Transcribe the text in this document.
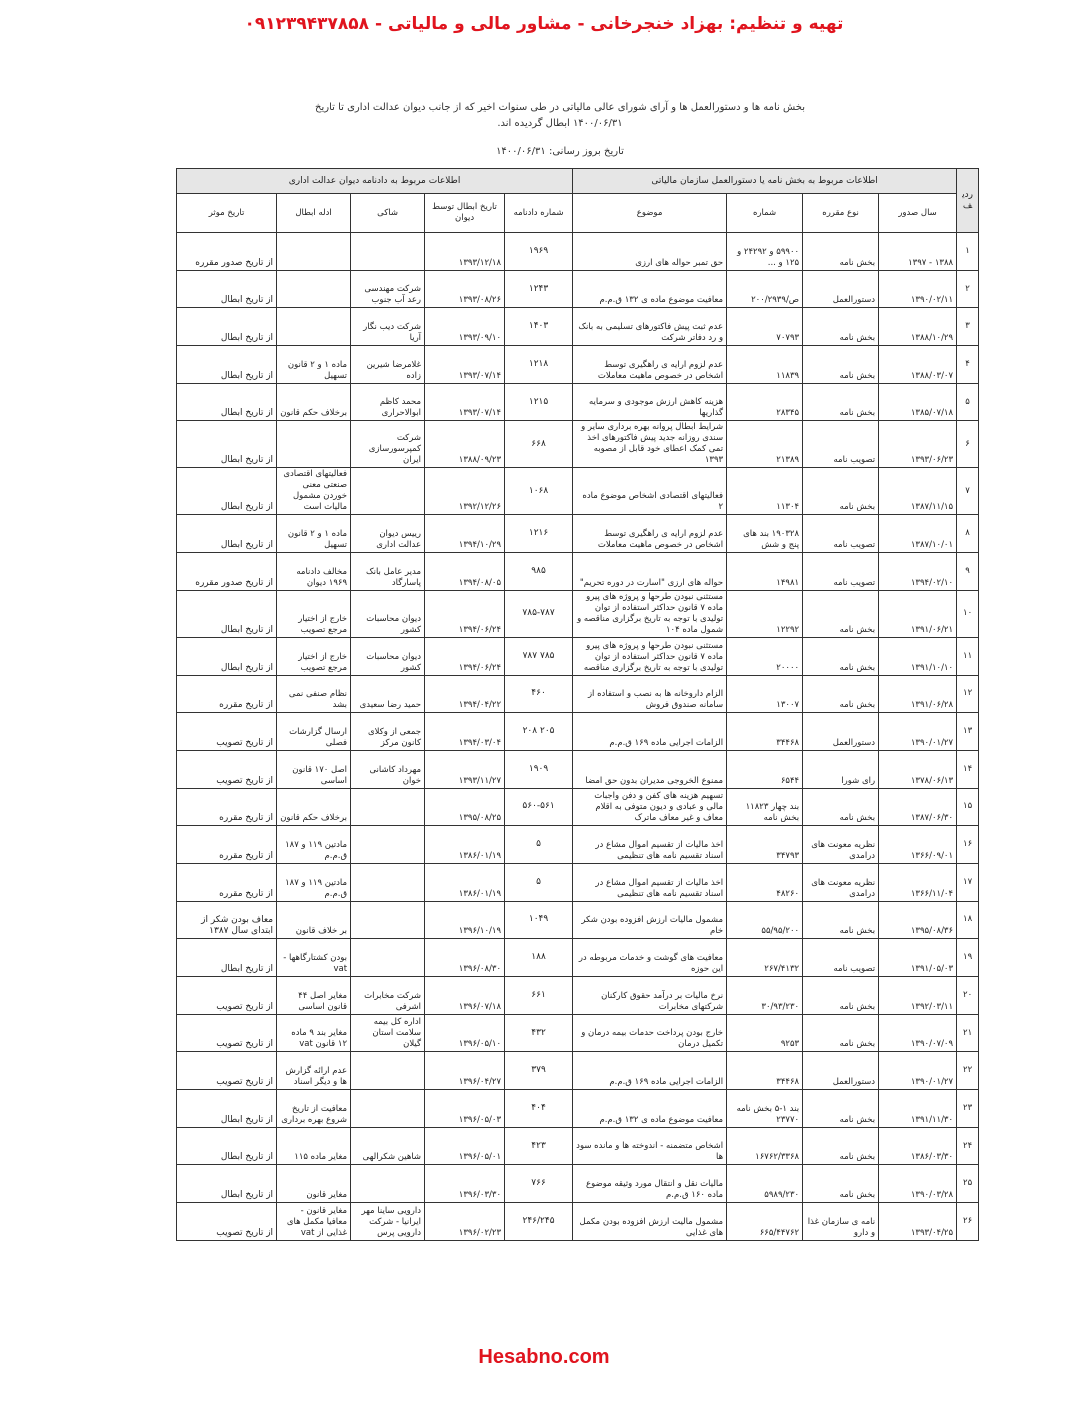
تهیه و تنظیم: بهزاد خنجرخانی - مشاور مالی و مالیاتی - ۰۹۱۲۳۹۴۳۷۸۵۸
بخش نامه ها و دستورالعمل ها و آرای شورای عالی مالیاتی در طی سنوات اخیر که از جانب دیوان عدالت اداری تا تاریخ ۱۴۰۰/۰۶/۳۱ ابطال گردیده اند.
تاریخ بروز رسانی: ۱۴۰۰/۰۶/۳۱
ردیف	اطلاعات مربوط به بخش نامه یا دستورالعمل سازمان مالیاتی				اطلاعات مربوط به دادنامه دیوان عدالت اداری				
	سال صدور	نوع مقرره	شماره	موضوع	شماره دادنامه	تاریخ ابطال توسط دیوان	شاکی	ادله ابطال	تاریخ موثر
۱	۱۳۸۸ - ۱۳۹۷	بخش نامه	۵۹۹۰۰ و ۲۴۲۹۲ و ۱۲۵ و ...	حق تمبر حواله های ارزی	۱۹۶۹	۱۳۹۳/۱۲/۱۸			از تاریخ صدور مقرره
۲	۱۳۹۰/۰۲/۱۱	دستورالعمل	ص/۲۰۰/۲۹۳۹	معافیت موضوع ماده ی ۱۳۲ ق.م.م	۱۲۴۳	۱۳۹۳/۰۸/۲۶	شرکت مهندسی رعد آب جنوب		از تاریخ ابطال
۳	۱۳۸۸/۱۰/۲۹	بخش نامه	۷۰۷۹۳	عدم ثبت پیش فاکتورهای تسلیمی به بانک و رد دفاتر شرکت	۱۴۰۳	۱۳۹۳/۰۹/۱۰	شرکت دیب نگار آریا		از تاریخ ابطال
۴	۱۳۸۸/۰۳/۰۷	بخش نامه	۱۱۸۳۹	عدم لزوم ارایه ی راهگیری توسط اشخاص در خصوص ماهیت معاملات	۱۲۱۸	۱۳۹۳/۰۷/۱۴	غلامرضا شیرین زاده	ماده ۱ و ۲ قانون تسهیل	از تاریخ ابطال
۵	۱۳۸۵/۰۷/۱۸	بخش نامه	۲۸۳۴۵	هزینه کاهش ارزش موجودی و سرمایه گذاریها	۱۲۱۵	۱۳۹۳/۰۷/۱۴	محمد کاظم ابوالاحراری	برخلاف حکم قانون	از تاریخ ابطال
۶	۱۳۹۳/۰۶/۲۳	تصویب نامه	۲۱۳۸۹	شرایط ابطال پروانه بهره برداری سایر و سندی روزانه جدید پیش فاکتورهای اخذ تمی کمک اعطای خود قابل از مصوبه ۱۳۹۳	۶۶۸	۱۳۸۸/۰۹/۲۳	شرکت کمپرسورسازی ایران		از تاریخ ابطال
۷	۱۳۸۷/۱۱/۱۵	بخش نامه	۱۱۳۰۴	فعالیتهای اقتصادی اشخاص موضوع ماده ۲	۱۰۶۸	۱۳۹۲/۱۲/۲۶		فعالیتهای اقتصادی صنعتی معنی خوردن مشمول مالیات است	از تاریخ ابطال
۸	۱۳۸۷/۱۰/۰۱	تصویب نامه	۱۹۰۳۲۸ بند های پنج و شش	عدم لزوم ارایه ی راهگیری توسط اشخاص در خصوص ماهیت معاملات	۱۲۱۶	۱۳۹۴/۱۰/۲۹	رییس دیوان عدالت اداری	ماده ۱ و ۲ قانون تسهیل	از تاریخ ابطال
۹	۱۳۹۴/۰۲/۱۰	تصویب نامه	۱۴۹۸۱	حواله های ارزی "اسارت در دوره تحریم"	۹۸۵	۱۳۹۴/۰۸/۰۵	مدیر عامل بانک پاسارگاد	مخالف دادنامه ۱۹۶۹ دیوان	از تاریخ صدور مقرره
۱۰	۱۳۹۱/۰۶/۲۱	بخش نامه	۱۲۲۹۲	مستثنی نبودن طرحها و پروژه های پیرو ماده ۷ قانون حداکثر استفاده از توان تولیدی با توجه به تاریخ برگزاری مناقصه و شمول ماده ۱۰۴	۷۸۵-۷۸۷	۱۳۹۴/۰۶/۲۴	دیوان محاسبات کشور	خارج از اختیار مرجع تصویب	از تاریخ ابطال
۱۱	۱۳۹۱/۱۰/۱۰	بخش نامه	۲۰۰۰۰	مستثنی نبودن طرحها و پروژه های پیرو ماده ۷ قانون حداکثر استفاده از توان تولیدی با توجه به تاریخ برگزاری مناقصه	۷۸۵ ۷۸۷	۱۳۹۴/۰۶/۲۴	دیوان محاسبات کشور	خارج از اختیار مرجع تصویب	از تاریخ ابطال
۱۲	۱۳۹۱/۰۶/۲۸	بخش نامه	۱۳۰۰۷	الزام داروخانه ها به نصب و استفاده از سامانه صندوق فروش	۴۶۰	۱۳۹۴/۰۴/۲۲	حمید رضا سعیدی	نظام صنفی نمی بشد	از تاریخ مقرره
۱۳	۱۳۹۰/۰۱/۲۷	دستورالعمل	۳۴۴۶۸	الزامات اجرایی ماده ۱۶۹ ق.م.م	۲۰۵ ۲۰۸	۱۳۹۴/۰۳/۰۴	جمعی از وکلای کانون مرکز	ارسال گزارشات فصلی	از تاریخ تصویب
۱۴	۱۳۷۸/۰۶/۱۳	رای شورا	۶۵۴۴	ممنوع الخروجی مدیران بدون حق امضا	۱۹۰۹	۱۳۹۳/۱۱/۲۷	مهرداد کاشانی خوان	اصل ۱۷۰ قانون اساسی	از تاریخ تصویب
۱۵	۱۳۸۷/۰۶/۳۰	بخش نامه	بند چهار ۱۱۸۲۳ بخش نامه	تسهیم هزینه های کفن و دفن واجبات مالی و عبادی و دیون متوفی به اقلام معاف و غیر معاف ماترک	۵۶۰-۵۶۱	۱۳۹۵/۰۸/۲۵		برخلاف حکم قانون	از تاریخ مقرره
۱۶	۱۳۶۶/۰۹/۰۱	نظریه معونت های درامدی	۳۴۷۹۳	اخذ مالیات از تقسیم اموال مشاع در اسناد تقسیم نامه های تنظیمی	۵	۱۳۸۶/۰۱/۱۹		مادتین ۱۱۹ و ۱۸۷ ق.م.م	از تاریخ مقرره
۱۷	۱۳۶۶/۱۱/۰۴	نظریه معونت های درامدی	۴۸۲۶۰	اخذ مالیات از تقسیم اموال مشاع در اسناد تقسیم نامه های تنظیمی	۵	۱۳۸۶/۰۱/۱۹		مادتین ۱۱۹ و ۱۸۷ ق.م.م	از تاریخ مقرره
۱۸	۱۳۹۵/۰۸/۳۶	بخش نامه	۵۵/۹۵/۲۰۰	مشمول مالیات ارزش افزوده بودن شکر خام	۱۰۴۹	۱۳۹۶/۱۰/۱۹		بر خلاف قانون	معاف بودن شکر از ابتدای سال ۱۳۸۷
۱۹	۱۳۹۱/۰۵/۰۳	تصویب نامه	۲۶۷/۴۱۳۲	معافیت های گوشت و خدمات مربوطه در این حوزه	۱۸۸	۱۳۹۶/۰۸/۳۰		بودن کشتارگاهها - vat	از تاریخ ابطال
۲۰	۱۳۹۲/۰۳/۱۱	بخش نامه	۳۰/۹۳/۲۳۰	نرخ مالیات بر درآمد حقوق کارکنان شرکتهای مخابرات	۶۶۱	۱۳۹۶/۰۷/۱۸	شرکت مخابرات اشرفی	مغایر اصل ۴۴ قانون اساسی	از تاریخ تصویب
۲۱	۱۳۹۰/۰۷/۰۹	بخش نامه	۹۲۵۳	خارج بودن پرداخت حدمات بیمه درمان و تکمیل درمان	۴۳۲	۱۳۹۶/۰۵/۱۰	اداره کل بیمه سلامت استان گیلان	مغایر بند ۹ ماده ۱۲ قانون vat	از تاریخ تصویب
۲۲	۱۳۹۰/۰۱/۲۷	دستورالعمل	۳۴۴۶۸	الزامات اجرایی ماده ۱۶۹ ق.م.م	۳۷۹	۱۳۹۶/۰۴/۲۷		عدم ارائه گزارش ها و دیگر اسناد	از تاریخ تصویب
۲۳	۱۳۹۱/۱۱/۳۰	بخش نامه	بند ۱-۵ بخش نامه ۲۳۷۷۰	معافیت موضوع ماده ی ۱۳۲ ق.م.م	۴۰۴	۱۳۹۶/۰۵/۰۳		معافیت از تاریخ شروع بهره برداری	از تاریخ ابطال
۲۴	۱۳۸۶/۰۳/۳۰	بخش نامه	۱۶۷۶۲/۳۳۶۸	اشخاص متضمنه - اندوخته ها و مانده سود ها	۴۲۳	۱۳۹۶/۰۵/۰۱	شاهین شکرالهی	مغایر ماده ۱۱۵	از تاریخ ابطال
۲۵	۱۳۹۰/۰۳/۲۸	بخش نامه	۵۹۸۹/۲۳۰	مالیات نقل و انتقال مورد وثیقه موضوع ماده ۱۶۰ ق.م.م	۷۶۶	۱۳۹۶/۰۳/۳۰		مغایر قانون	از تاریخ ابطال
۲۶	۱۳۹۳/۰۴/۲۵	نامه ی سازمان غذا و دارو	۶۶۵/۴۴۷۶۲	مشمول مالیت ارزش افزوده بودن مکمل های غذایی	۲۴۶/۲۴۵	۱۳۹۶/۰۲/۲۳	دارویی ساینا مهر ایرانیا - شرکت دارویی پرس	مغایر قانون - معافیا مکمل های غذایی از vat	از تاریخ تصویب
Hesabno.com
